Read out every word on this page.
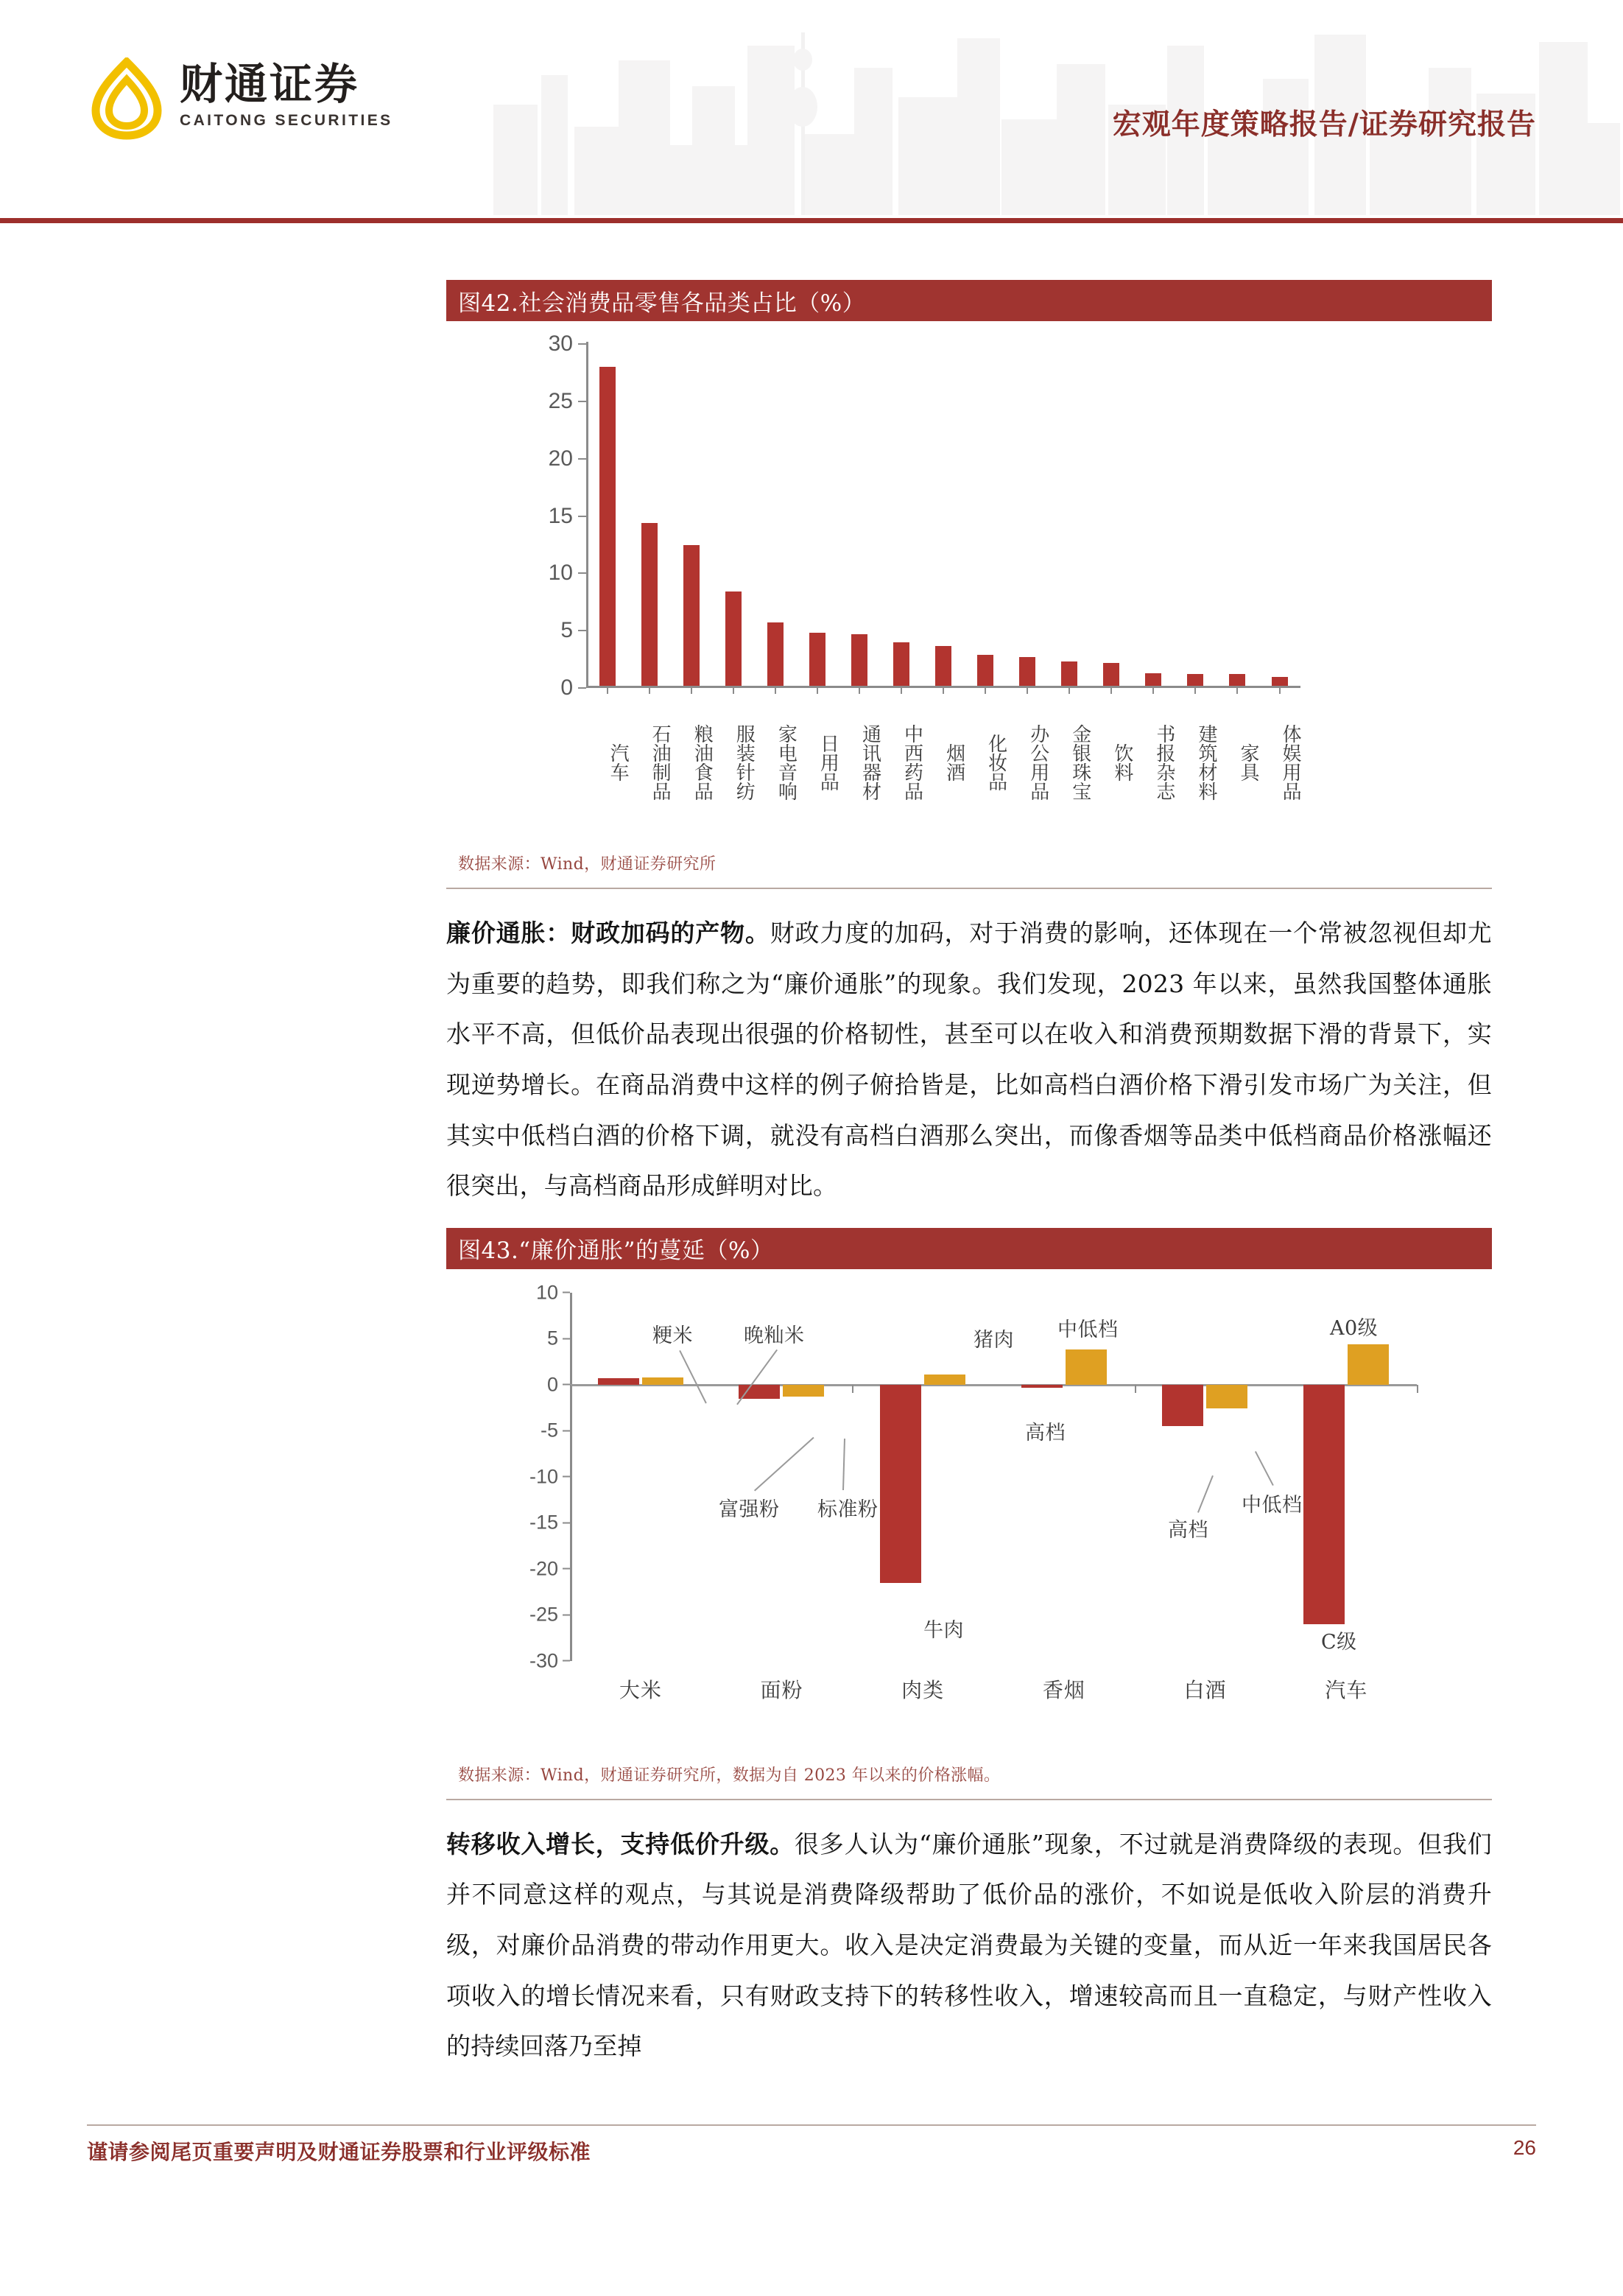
财通证券
CAITONG SECURITIES	宏观年度策略报告/证券研究报告
图42.社会消费品零售各品类占比（%）
0
5
10
15
20
25
30
汽车	石油制品	粮油食品	服装针纺	家电音响	日用品	通讯器材	中西药品	烟酒	化妆品	办公用品	金银珠宝	饮料	书报杂志	建筑材料	家具	体娱用品
数据来源：Wind，财通证券研究所

廉价通胀：财政加码的产物。财政力度的加码，对于消费的影响，还体现在一个常被忽视但却尤为重要的趋势，即我们称之为“廉价通胀”的现象。我们发现，2023 年以来，虽然我国整体通胀水平不高，但低价品表现出很强的价格韧性，甚至可以在收入和消费预期数据下滑的背景下，实现逆势增长。在商品消费中这样的例子俯拾皆是，比如高档白酒价格下滑引发市场广为关注，但其实中低档白酒的价格下调，就没有高档白酒那么突出，而像香烟等品类中低档商品价格涨幅还很突出，与高档商品形成鲜明对比。

图43.“廉价通胀”的蔓延（%）
10
5
0
-5
-10
-15
-20
-25
-30
粳米	晚籼米
富强粉 标准粉
牛肉
猪肉 中低档
高档
高档
中低档
A0级
C级
大米	面粉	肉类	香烟	白酒	汽车
数据来源：Wind，财通证券研究所，数据为自 2023 年以来的价格涨幅。

转移收入增长，支持低价升级。很多人认为“廉价通胀”现象，不过就是消费降级的表现。但我们并不同意这样的观点，与其说是消费降级帮助了低价品的涨价，不如说是低收入阶层的消费升级，对廉价品消费的带动作用更大。收入是决定消费最为关键的变量，而从近一年来我国居民各项收入的增长情况来看，只有财政支持下的转移性收入，增速较高而且一直稳定，与财产性收入的持续回落乃至掉

谨请参阅尾页重要声明及财通证券股票和行业评级标准	26
